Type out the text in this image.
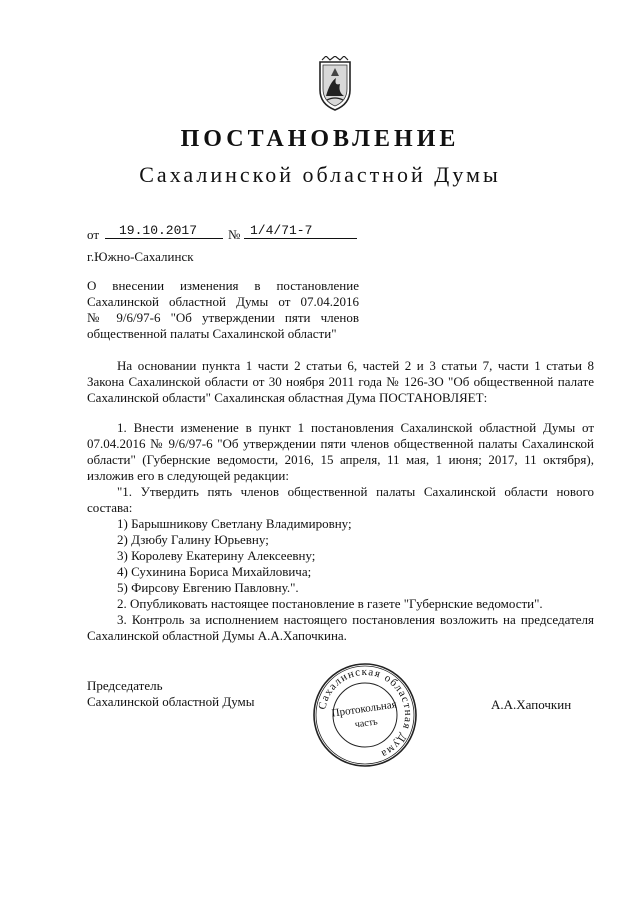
ПОСТАНОВЛЕНИЕ
Сахалинской областной Думы
от	19.10.2017	№ 1/4/71-7
г.Южно-Сахалинск
О внесении изменения в постановление
Сахалинской областной Думы от 07.04.2016
№ 9/6/97-6 "Об утверждении пяти членов
общественной палаты Сахалинской области"

На основании пункта 1 части 2 статьи 6, частей 2 и 3 статьи 7, части 1 статьи 8 Закона Сахалинской области от 30 ноября 2011 года № 126-ЗО "Об общественной палате Сахалинской области" Сахалинская областная Дума ПОСТАНОВЛЯЕТ:

1. Внести изменение в пункт 1 постановления Сахалинской областной Думы от 07.04.2016 № 9/6/97-6 "Об утверждении пяти членов общественной палаты Сахалинской области" (Губернские ведомости, 2016, 15 апреля, 11 мая, 1 июня; 2017, 11 октября), изложив его в следующей редакции:

"1. Утвердить пять членов общественной палаты Сахалинской области нового состава:

1) Барышникову Светлану Владимировну;
2) Дзюбу Галину Юрьевну;
3) Королеву Екатерину Алексеевну;
4) Сухинина Бориса Михайловича;
5) Фирсову Евгению Павловну.".

2. Опубликовать настоящее постановление в газете "Губернские ведомости".

3. Контроль за исполнением настоящего постановления возложить на председателя Сахалинской областной Думы А.А.Хапочкина.

Председатель
Сахалинской областной Думы	А.А.Хапочкин
Сахалинская областная Дума
Протокольная
часть
